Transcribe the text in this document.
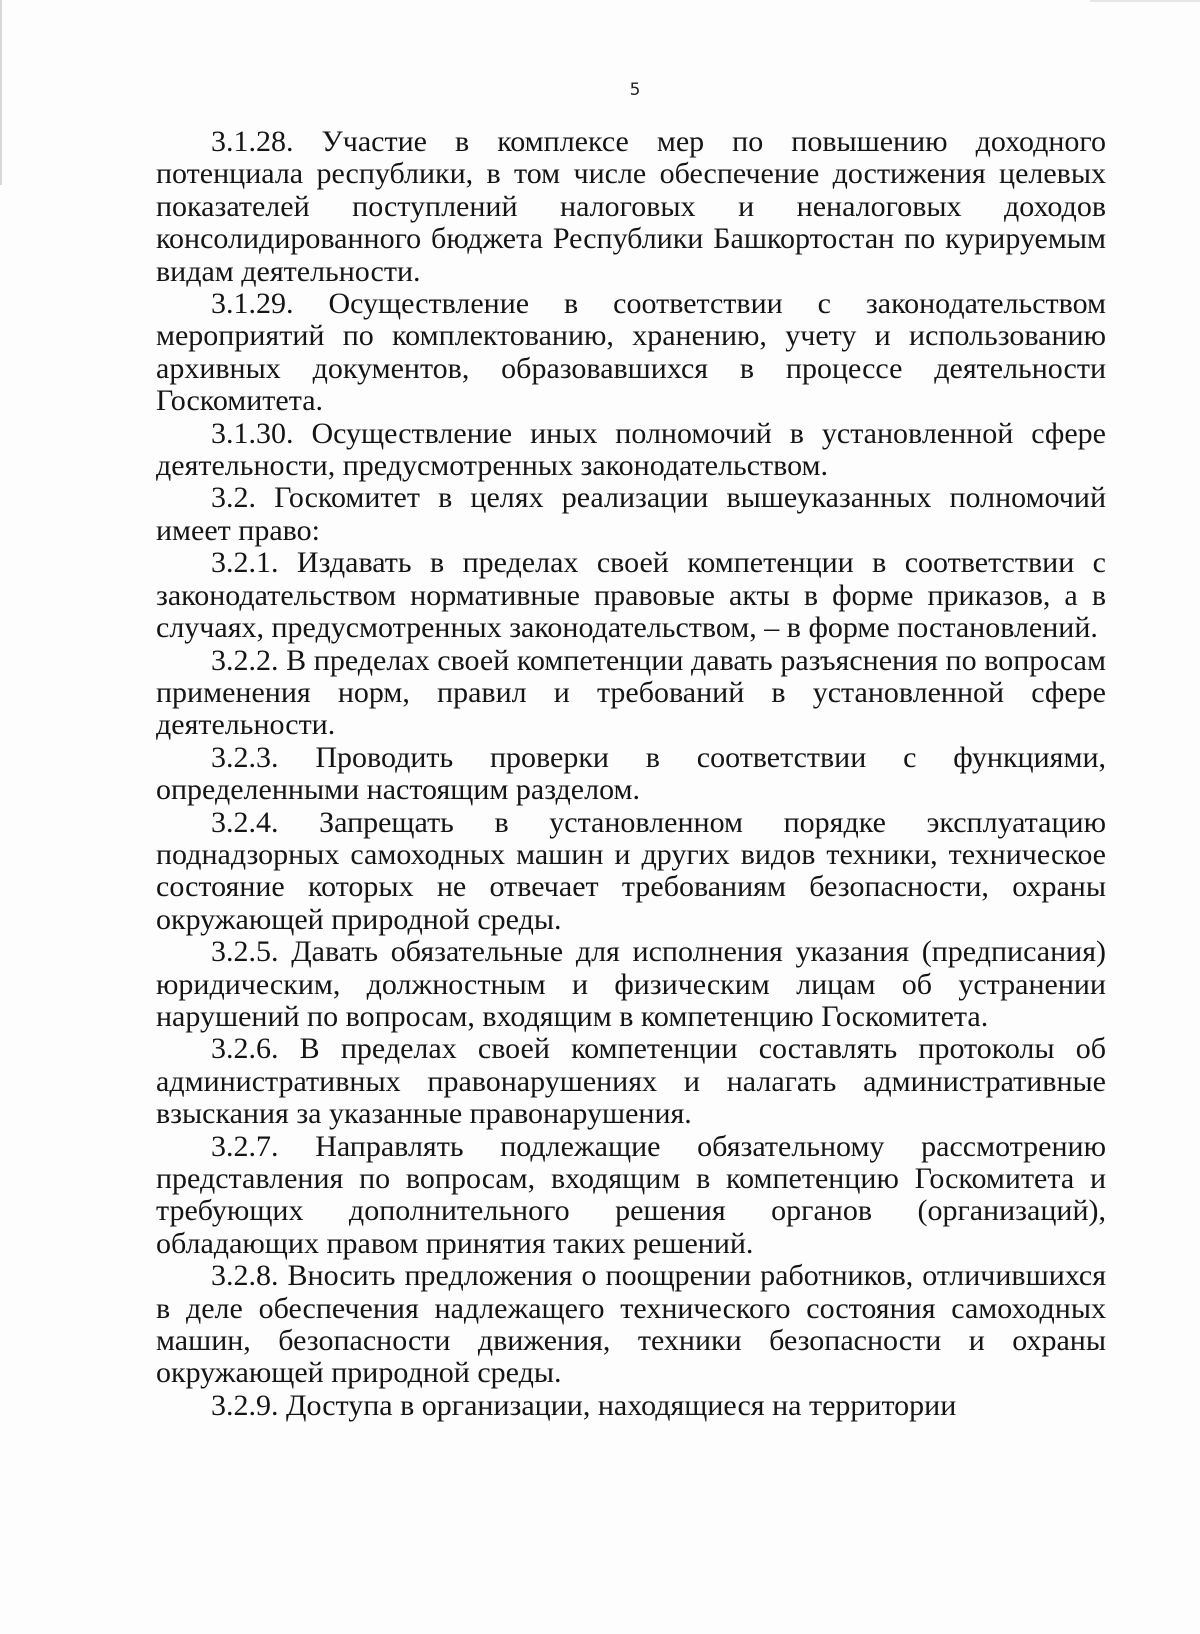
5

3.1.28. Участие в комплексе мер по повышению доходного потенциала республики, в том числе обеспечение достижения целевых показателей поступлений налоговых и неналоговых доходов консолидированного бюджета Республики Башкортостан по курируемым видам деятельности.

3.1.29. Осуществление в соответствии с законодательством мероприятий по комплектованию, хранению, учету и использованию архивных документов, образовавшихся в процессе деятельности Госкомитета.

3.1.30. Осуществление иных полномочий в установленной сфере деятельности, предусмотренных законодательством.

3.2. Госкомитет в целях реализации вышеуказанных полномочий имеет право:

3.2.1. Издавать в пределах своей компетенции в соответствии с законодательством нормативные правовые акты в форме приказов, а в случаях, предусмотренных законодательством, – в форме постановлений.

3.2.2. В пределах своей компетенции давать разъяснения по вопросам применения норм, правил и требований в установленной сфере деятельности.

3.2.3. Проводить проверки в соответствии с функциями, определенными настоящим разделом.

3.2.4. Запрещать в установленном порядке эксплуатацию поднадзорных самоходных машин и других видов техники, техническое состояние которых не отвечает требованиям безопасности, охраны окружающей природной среды.

3.2.5. Давать обязательные для исполнения указания (предписания) юридическим, должностным и физическим лицам об устранении нарушений по вопросам, входящим в компетенцию Госкомитета.

3.2.6. В пределах своей компетенции составлять протоколы об административных правонарушениях и налагать административные взыскания за указанные правонарушения.

3.2.7. Направлять подлежащие обязательному рассмотрению представления по вопросам, входящим в компетенцию Госкомитета и требующих дополнительного решения органов (организаций), обладающих правом принятия таких решений.

3.2.8. Вносить предложения о поощрении работников, отличившихся в деле обеспечения надлежащего технического состояния самоходных машин, безопасности движения, техники безопасности и охраны окружающей природной среды.

3.2.9. Доступа в организации, находящиеся на территории
